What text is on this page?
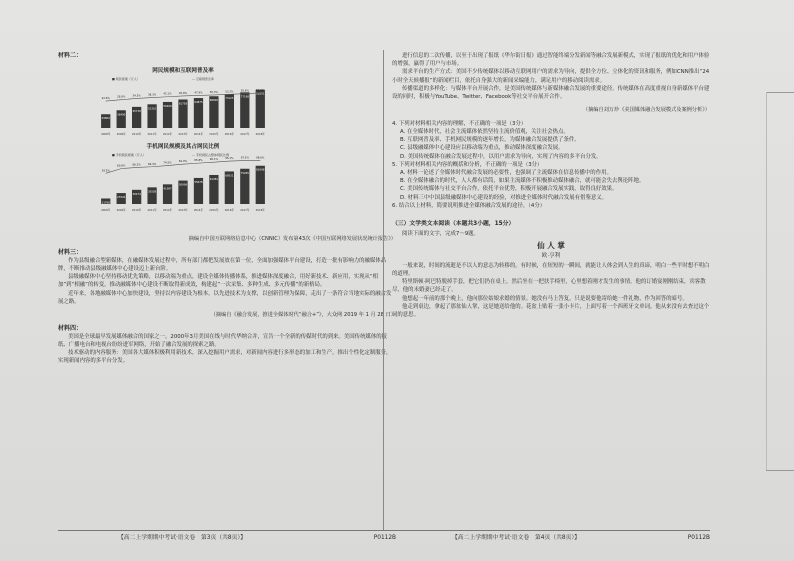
材料二：
网民规模和互联网普及率
29800
2008年
22.6%
38400
2009年
28.9%
45730
2010年
34.3%
51310
2011年
38.3%
56400
2012年
42.1%
61758
2013年
45.8%
64875
2014年
47.9%
68826
2015年
50.3%
73125
2016年
53.2%
77198
2017年
55.8%
82851
2018年
59.6%
■ 网民规模（万人）	— 互联网普及率
手机网民规模及其占网民比例
11760
2008年
39.5%
23344
2009年
60.8%
30274
2010年
66.2%
35558
2011年
69.3%
41997
2012年
74.5%
50006
2013年
81.0%
55678
2014年
85.8%
61981
2015年
90.1%
69531
2016年
95.1%
75265
2017年
97.5%
81698
2018年
98.6%
■ 手机网民规模（万人）	— 手机网民占整体网民比例

摘编自中国互联网络信息中心（CNNIC）发布第43次《中国互联网络发展状况统计报告》）

材料三：

作为县级融合型新媒体，在融媒体发展过程中，所有部门都把发展放在第一位，全面加强媒体平台建设，打造一批有影响力的融媒体品牌，不断推动县级融媒体中心建设迈上新台阶。

县级融媒体中心坚持移动优先策略，以移动端为重点，建设全媒体传播体系，推进媒体深度融合，用好新技术、新应用，实现从“相加”到“相融”的转变，推动融媒体中心建设不断取得新成效，构建起“一次采集、多种生成、多元传播”的新格局。

近年来，各地融媒体中心加快建设，坚持以内容建设为根本，以先进技术为支撑，以创新管理为保障，走出了一条符合当地实际的融合发展之路。

（摘编自《融合发展，推进全媒体时代“融合+”》，大众网 2019 年 1 月 28 日）

材料四：

美国是全球最早发展媒体融合的国家之一。2000年3月美国在线与时代华纳合并，宣告一个全新的传媒时代的到来。美国传统媒体的报纸、广播电台和电视台纷纷进军网络，开始了融合发展的探索之路。

技术驱动的内容服务：美国各大媒体积极利用新技术，深入挖掘用户需求，对新闻内容进行多形态的加工和生产，推出个性化定制服务，实现新闻内容的多平台分发。

【高二上学期期中考试·语文卷　第3页（共8页）】	P0112B

进行信息的二次传播，以至于出现了报纸《华尔街日报》通过智能终端分发新闻等融合发展新模式，实现了报纸的优化和用户体验的增强，赢得了用户与市场。

需求平台的生产方式：美国不少传统媒体以移动互联网用户的需求为导向，提供全方位、立体化的资讯和服务，例如CNN推出“24小时全天候播报”的新闻栏目，依托自身强大的新闻采编能力，满足用户的移动阅读需求。

传播渠道的多样化：与媒体平台开展合作，是美国传统媒体与新媒体融合发展的重要途径。传统媒体在高度重视自身新媒体平台建设的同时，积极与YouTube、Twitter、Facebook等社交平台展开合作。

（摘编自刘万珍《美国媒体融合发展模式及案例分析》）

4. 下列对材料相关内容的理解，不正确的一项是（3分）

A. 在全媒体时代，社会主流媒体依然坚持主流价值观，关注社会热点。

B. 互联网普及率、手机网民规模的逐年增长，为媒体融合发展提供了条件。

C. 县级融媒体中心建设应以移动端为重点，推动媒体深度融合发展。

D. 美国传统媒体在融合发展过程中，以用户需求为导向，实现了内容的多平台分发。

5. 下列对材料相关内容的概括和分析，不正确的一项是（3分）

A. 材料一论述了全媒体时代融合发展的必要性，也强调了主流媒体在信息传播中的作用。

B. 在全媒体融合的时代，人人都有话筒，如果主流媒体不积极推动媒体融合，就可能会失去舆论阵地。

C. 美国传统媒体与社交平台合作，依托平台优势，积极开展融合发展实践，取得良好效果。

D. 材料三中中国县级融媒体中心建设的经验，对推进全媒体时代融合发展有借鉴意义。

6. 结合以上材料，简要说明推进全媒体融合发展的途径。（4分）

（三）文学类文本阅读（本题共3小题，15分）

阅读下面的文字，完成7～9题。

仙 人 掌
欧·亨利

一般来说，时间的流逝是不以人的意志为转移的。有时候，在短短的一瞬间，就能让人体会到人生的真谛，明白一些平时想不明白的道理。

特里斯顿·阿巴特脱掉手套，把它们扔在桌上，然后坐在一把扶手椅里，心里想着刚才发生的事情。他的订婚宴刚刚结束，宾客散尽，他的未婚妻已经走了。

他想起一年前的那个晚上，他向那位姑娘求婚的情景。她没有马上答复，只是说要他寄给她一件礼物，作为回答的暗号。

他走到桌边，拿起了那盆仙人掌，这是她送给他的。花盆上贴着一张小卡片，上面写着一个西班牙文单词。他从来没有去查过这个词的意思。

【高二上学期期中考试·语文卷　第4页（共8页）】	P0112B
